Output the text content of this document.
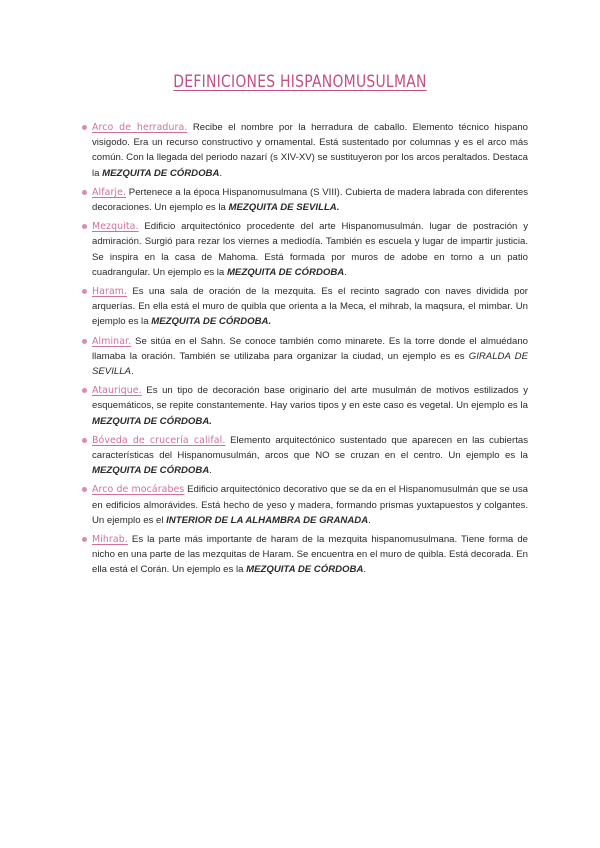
DEFINICIONES HISPANOMUSULMAN
Arco de herradura. Recibe el nombre por la herradura de caballo. Elemento técnico hispano visigodo. Era un recurso constructivo y ornamental. Está sustentado por columnas y es el arco más común. Con la llegada del periodo nazarí (s XIV-XV) se sustituyeron por los arcos peraltados. Destaca la MEZQUITA DE CÓRDOBA.
Alfarje. Pertenece a la época Hispanomusulmana (S VIII). Cubierta de madera labrada con diferentes decoraciones. Un ejemplo es la MEZQUITA DE SEVILLA.
Mezquita. Edificio arquitectónico procedente del arte Hispanomusulmán. lugar de postración y admiración. Surgió para rezar los viernes a mediodía. También es escuela y lugar de impartir justicia. Se inspira en la casa de Mahoma. Está formada por muros de adobe en torno a un patio cuadrangular. Un ejemplo es la MEZQUITA DE CÓRDOBA.
Haram. Es una sala de oración de la mezquita. Es el recinto sagrado con naves dividida por arquerías. En ella está el muro de quibla que orienta a la Meca, el mihrab, la maqsura, el mimbar. Un ejemplo es la MEZQUITA DE CÓRDOBA.
Alminar. Se sitúa en el Sahn. Se conoce también como minarete. Es la torre donde el almuédano llamaba la oración. También se utilizaba para organizar la ciudad, un ejemplo es es GIRALDA DE SEVILLA.
Ataurique. Es un tipo de decoración base originario del arte musulmán de motivos estilizados y esquemáticos, se repite constantemente. Hay varios tipos y en este caso es vegetal. Un ejemplo es la MEZQUITA DE CÓRDOBA.
Bóveda de crucería califal. Elemento arquitectónico sustentado que aparecen en las cubiertas características del Hispanomusulmán, arcos que NO se cruzan en el centro. Un ejemplo es la MEZQUITA DE CÓRDOBA.
Arco de mocárabes Edificio arquitectónico decorativo que se da en el Hispanomusulmán que se usa en edificios almorávides. Está hecho de yeso y madera, formando prismas yuxtapuestos y colgantes. Un ejemplo es el INTERIOR DE LA ALHAMBRA DE GRANADA.
Mihrab. Es la parte más importante de haram de la mezquita hispanomusulmana. Tiene forma de nicho en una parte de las mezquitas de Haram. Se encuentra en el muro de quibla. Está decorada. En ella está el Corán. Un ejemplo es la MEZQUITA DE CÓRDOBA.
